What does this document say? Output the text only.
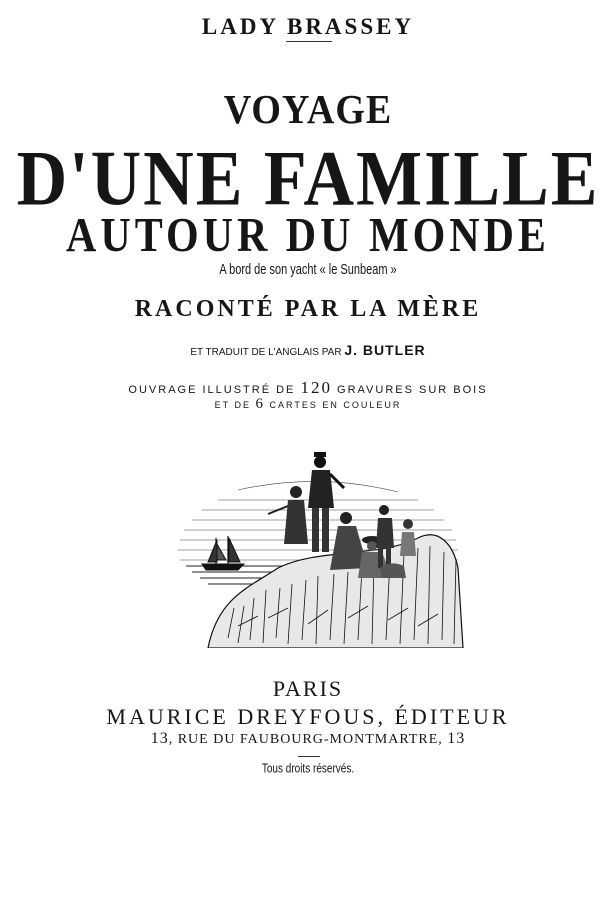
LADY BRASSEY
VOYAGE
D'UNE FAMILLE
AUTOUR DU MONDE
A bord de son yacht « le Sunbeam »
RACONTÉ PAR LA MÈRE
ET TRADUIT DE L'ANGLAIS PAR J. BUTLER
OUVRAGE ILLUSTRÉ DE 120 GRAVURES SUR BOIS
ET DE 6 CARTES EN COULEUR
PARIS
MAURICE DREYFOUS, ÉDITEUR
13, RUE DU FAUBOURG-MONTMARTRE, 13
Tous droits réservés.
